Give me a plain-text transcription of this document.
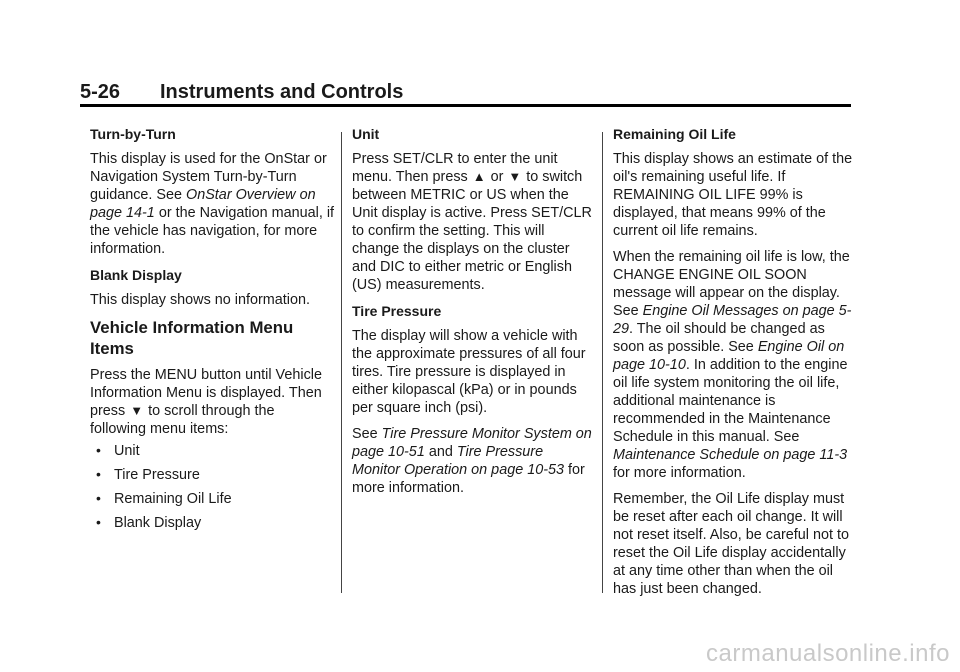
5-26 Instruments and Controls
Turn-by-Turn

This display is used for the OnStar or Navigation System Turn-by-Turn guidance. See OnStar Overview on page 14-1 or the Navigation manual, if the vehicle has navigation, for more information.

Blank Display

This display shows no information.

Vehicle Information Menu Items

Press the MENU button until Vehicle Information Menu is displayed. Then press ▼ to scroll through the following menu items:

• Unit
• Tire Pressure
• Remaining Oil Life
• Blank Display
Unit

Press SET/CLR to enter the unit menu. Then press ▲ or ▼ to switch between METRIC or US when the Unit display is active. Press SET/CLR to confirm the setting. This will change the displays on the cluster and DIC to either metric or English (US) measurements.

Tire Pressure

The display will show a vehicle with the approximate pressures of all four tires. Tire pressure is displayed in either kilopascal (kPa) or in pounds per square inch (psi).

See Tire Pressure Monitor System on page 10-51 and Tire Pressure Monitor Operation on page 10-53 for more information.

Remaining Oil Life

This display shows an estimate of the oil's remaining useful life. If REMAINING OIL LIFE 99% is displayed, that means 99% of the current oil life remains.

When the remaining oil life is low, the CHANGE ENGINE OIL SOON message will appear on the display. See Engine Oil Messages on page 5-29. The oil should be changed as soon as possible. See Engine Oil on page 10-10. In addition to the engine oil life system monitoring the oil life, additional maintenance is recommended in the Maintenance Schedule in this manual. See Maintenance Schedule on page 11-3 for more information.

Remember, the Oil Life display must be reset after each oil change. It will not reset itself. Also, be careful not to reset the Oil Life display accidentally at any time other than when the oil has just been changed.

carmanualsonline.info
